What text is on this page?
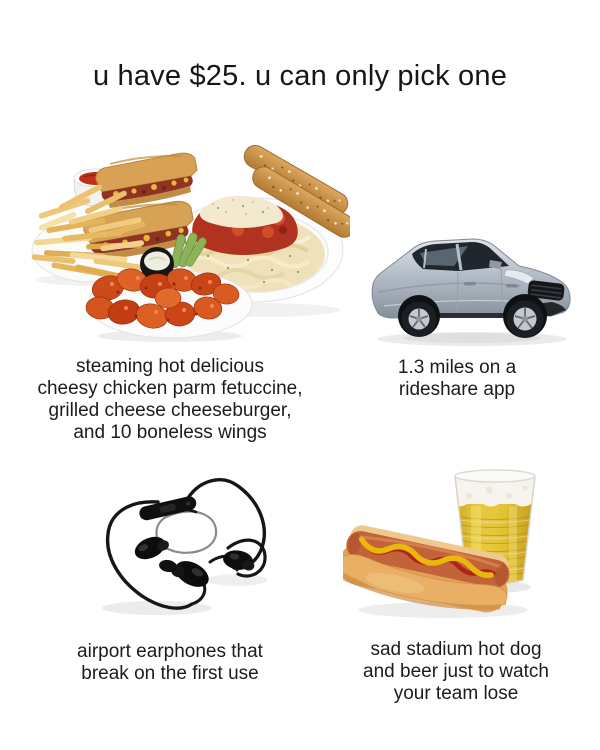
u have $25. u can only pick one
steaming hot delicious
cheesy chicken parm fetuccine,
grilled cheese cheeseburger,
and 10 boneless wings
1.3 miles on a
rideshare app
airport earphones that
break on the first use
sad stadium hot dog
and beer just to watch
your team lose
